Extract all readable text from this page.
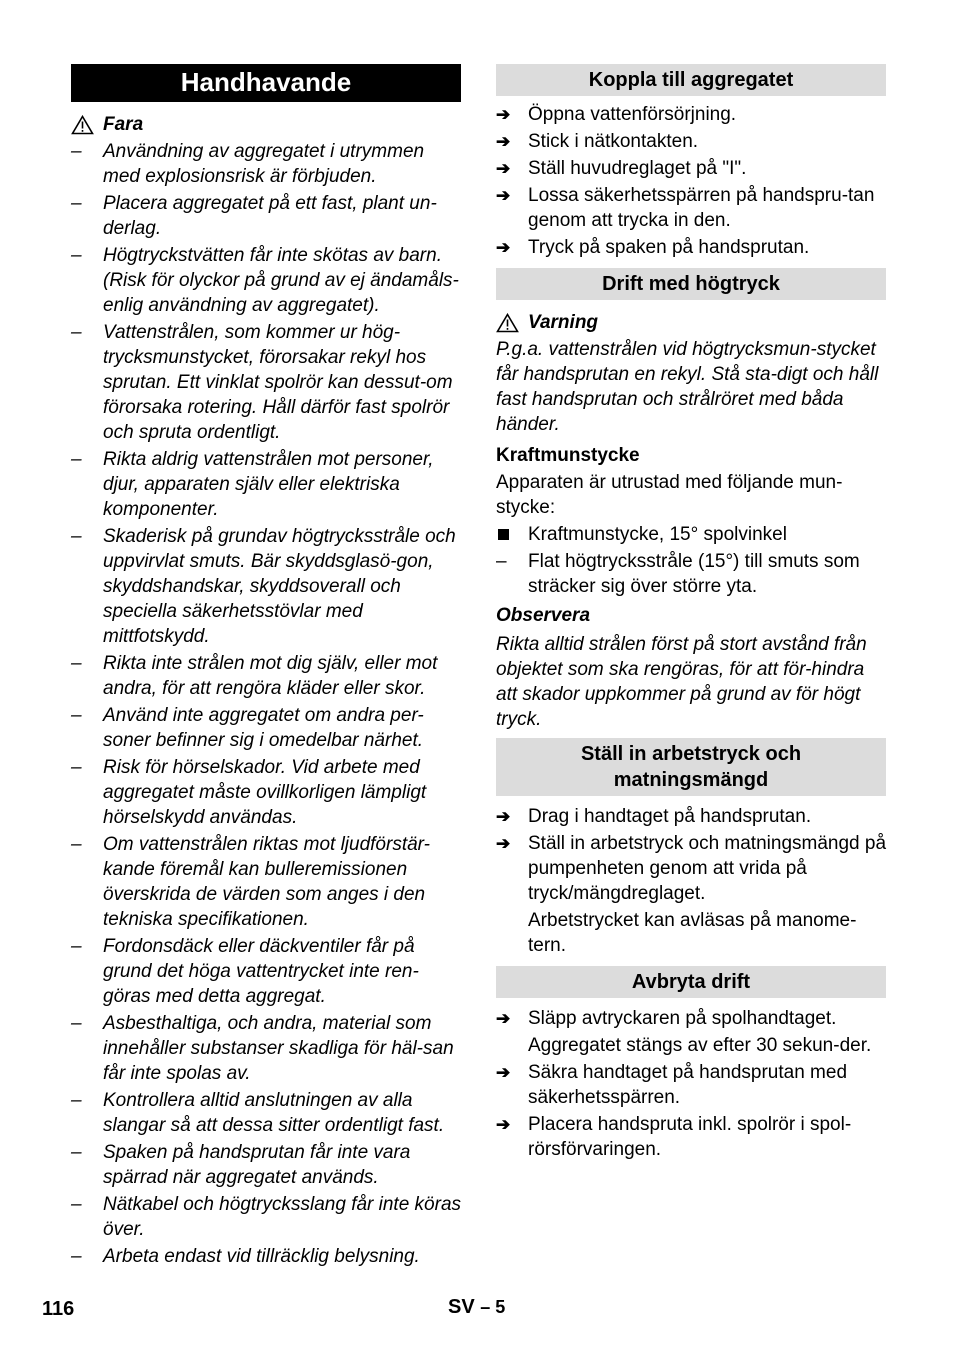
Handhavande
Fara
– Användning av aggregatet i utrymmen med explosionsrisk är förbjuden.
– Placera aggregatet på ett fast, plant un-derlag.
– Högtryckstvätten får inte skötas av barn. (Risk för olyckor på grund av ej ändamåls-enlig användning av aggregatet).
– Vattenstrålen, som kommer ur hög-trycksmunstycket, förorsakar rekyl hos sprutan. Ett vinklat spolrör kan dessut-om förorsaka rotering. Håll därför fast spolrör och spruta ordentligt.
– Rikta aldrig vattenstrålen mot personer, djur, apparaten själv eller elektriska komponenter.
– Skaderisk på grundav högtrycksstråle och uppvirvlat smuts. Bär skyddsglasö-gon, skyddshandskar, skyddsoverall och speciella säkerhetsstövlar med mittfotskydd.
– Rikta inte strålen mot dig själv, eller mot andra, för att rengöra kläder eller skor.
– Använd inte aggregatet om andra per-soner befinner sig i omedelbar närhet.
– Risk för hörselskador. Vid arbete med aggregatet måste ovillkorligen lämpligt hörselskydd användas.
– Om vattenstrålen riktas mot ljudförstär-kande föremål kan bulleremissionen överskrida de värden som anges i den tekniska specifikationen.
– Fordonsdäck eller däckventiler får på grund det höga vattentrycket inte ren-göras med detta aggregat.
– Asbesthaltiga, och andra, material som innehåller substanser skadliga för häl-san får inte spolas av.
– Kontrollera alltid anslutningen av alla slangar så att dessa sitter ordentligt fast.
– Spaken på handsprutan får inte vara spärrad när aggregatet används.
– Nätkabel och högtrycksslang får inte köras över.
– Arbeta endast vid tillräcklig belysning.
Koppla till aggregatet
➔ Öppna vattenförsörjning.
➔ Stick i nätkontakten.
➔ Ställ huvudreglaget på "I".
➔ Lossa säkerhetsspärren på handspru-tan genom att trycka in den.
➔ Tryck på spaken på handsprutan.
Drift med högtryck
Varning
P.g.a. vattenstrålen vid högtrycksmun-stycket får handsprutan en rekyl. Stå sta-digt och håll fast handsprutan och strålröret med båda händer.
Kraftmunstycke
Apparaten är utrustad med följande mun-stycke:
Kraftmunstycke, 15° spolvinkel
– Flat högtrycksstråle (15°) till smuts som sträcker sig över större yta.
Observera
Rikta alltid strålen först på stort avstånd från objektet som ska rengöras, för att för-hindra att skador uppkommer på grund av för högt tryck.
Ställ in arbetstryck och matningsmängd
➔ Drag i handtaget på handsprutan.
➔ Ställ in arbetstryck och matningsmängd på pumpenheten genom att vrida på tryck/mängdreglaget.
Arbetstrycket kan avläsas på manome-tern.
Avbryta drift
➔ Släpp avtryckaren på spolhandtaget.
Aggregatet stängs av efter 30 sekun-der.
➔ Säkra handtaget på handsprutan med säkerhetsspärren.
➔ Placera handspruta inkl. spolrör i spol-rörsförvaringen.
116	SV – 5
